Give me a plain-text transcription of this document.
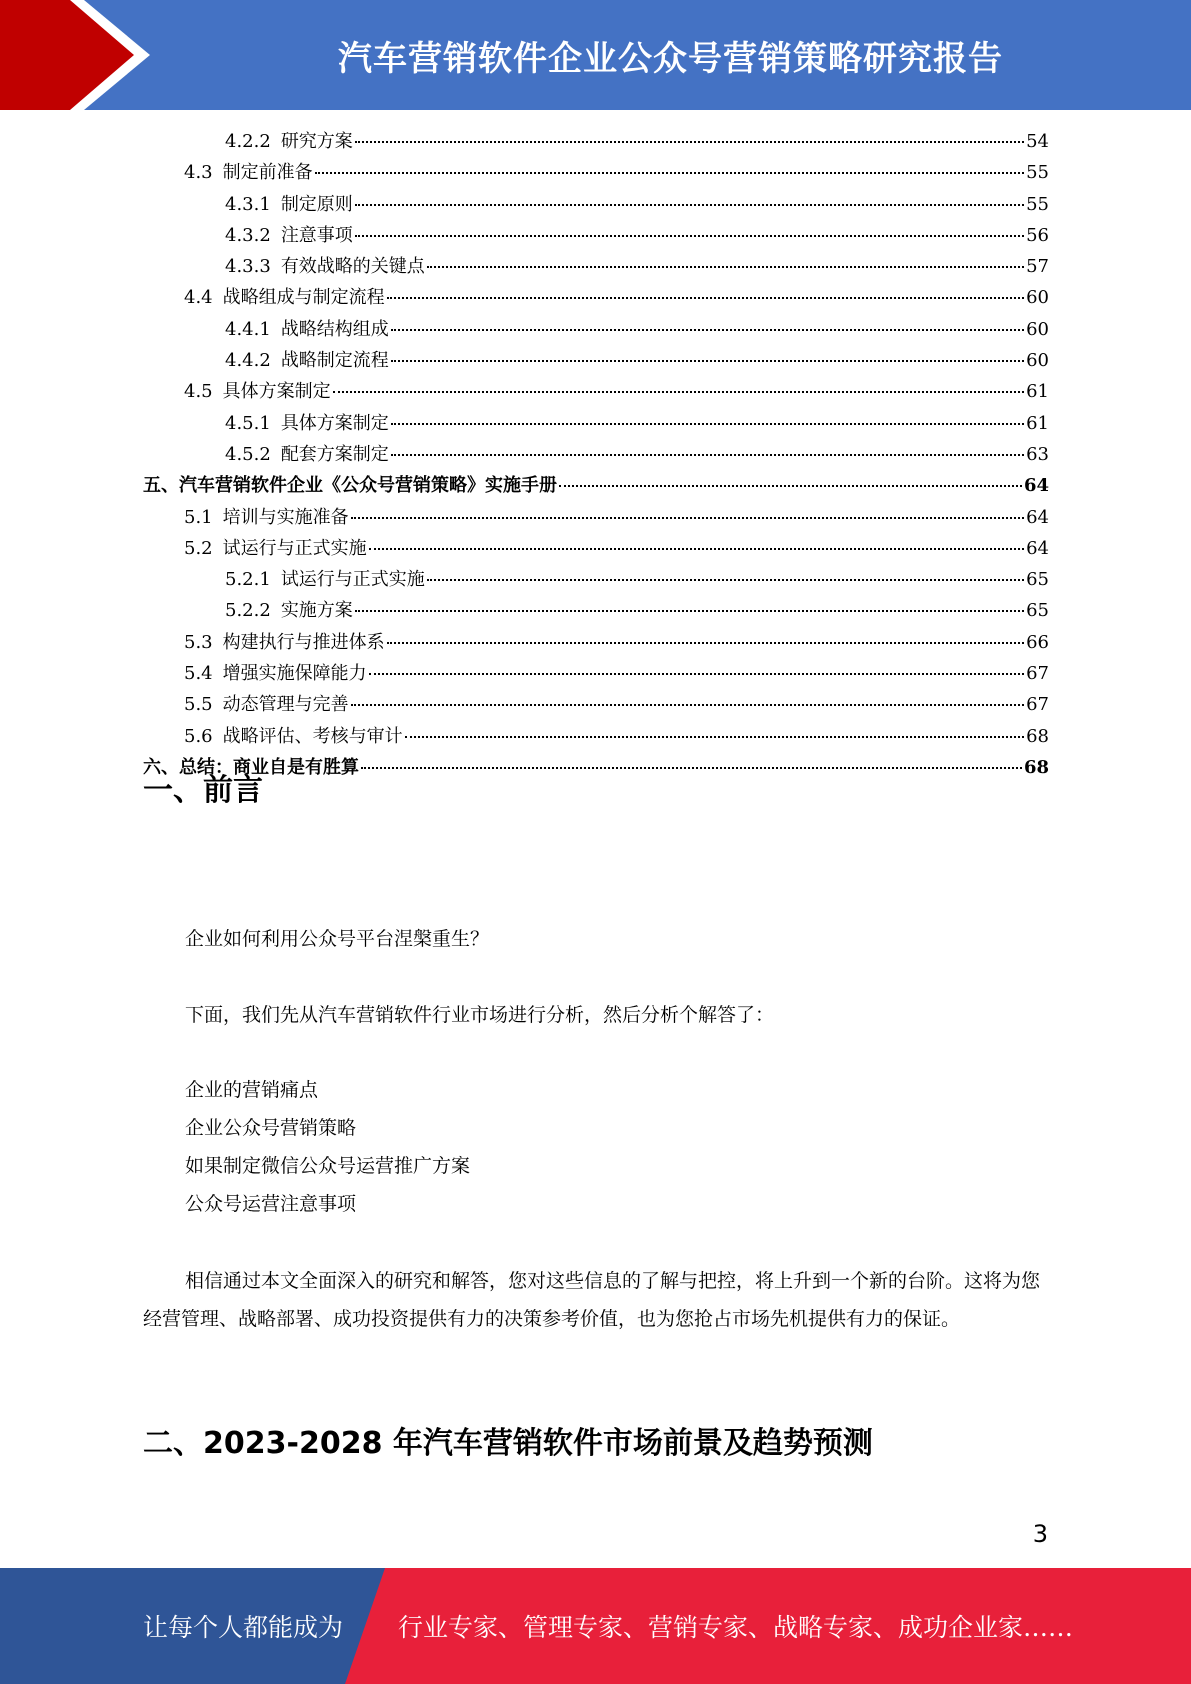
汽车营销软件企业公众号营销策略研究报告
4.2.2 研究方案	54
4.3 制定前准备	55
4.3.1 制定原则	55
4.3.2 注意事项	56
4.3.3 有效战略的关键点	57
4.4 战略组成与制定流程	60
4.4.1 战略结构组成	60
4.4.2 战略制定流程	60
4.5 具体方案制定	61
4.5.1 具体方案制定	61
4.5.2 配套方案制定	63
五、汽车营销软件企业《公众号营销策略》实施手册	64
5.1 培训与实施准备	64
5.2 试运行与正式实施	64
5.2.1 试运行与正式实施	65
5.2.2 实施方案	65
5.3 构建执行与推进体系	66
5.4 增强实施保障能力	67
5.5 动态管理与完善	67
5.6 战略评估、考核与审计	68
六、总结：商业自是有胜算	68
一、前言

企业如何利用公众号平台涅槃重生？

下面，我们先从汽车营销软件行业市场进行分析，然后分析个解答了：

企业的营销痛点

企业公众号营销策略

如果制定微信公众号运营推广方案

公众号运营注意事项

相信通过本文全面深入的研究和解答，您对这些信息的了解与把控，将上升到一个新的台阶。这将为您经营管理、战略部署、成功投资提供有力的决策参考价值，也为您抢占市场先机提供有力的保证。

二、2023-2028 年汽车营销软件市场前景及趋势预测
3
让每个人都能成为 行业专家、管理专家、营销专家、战略专家、成功企业家……
